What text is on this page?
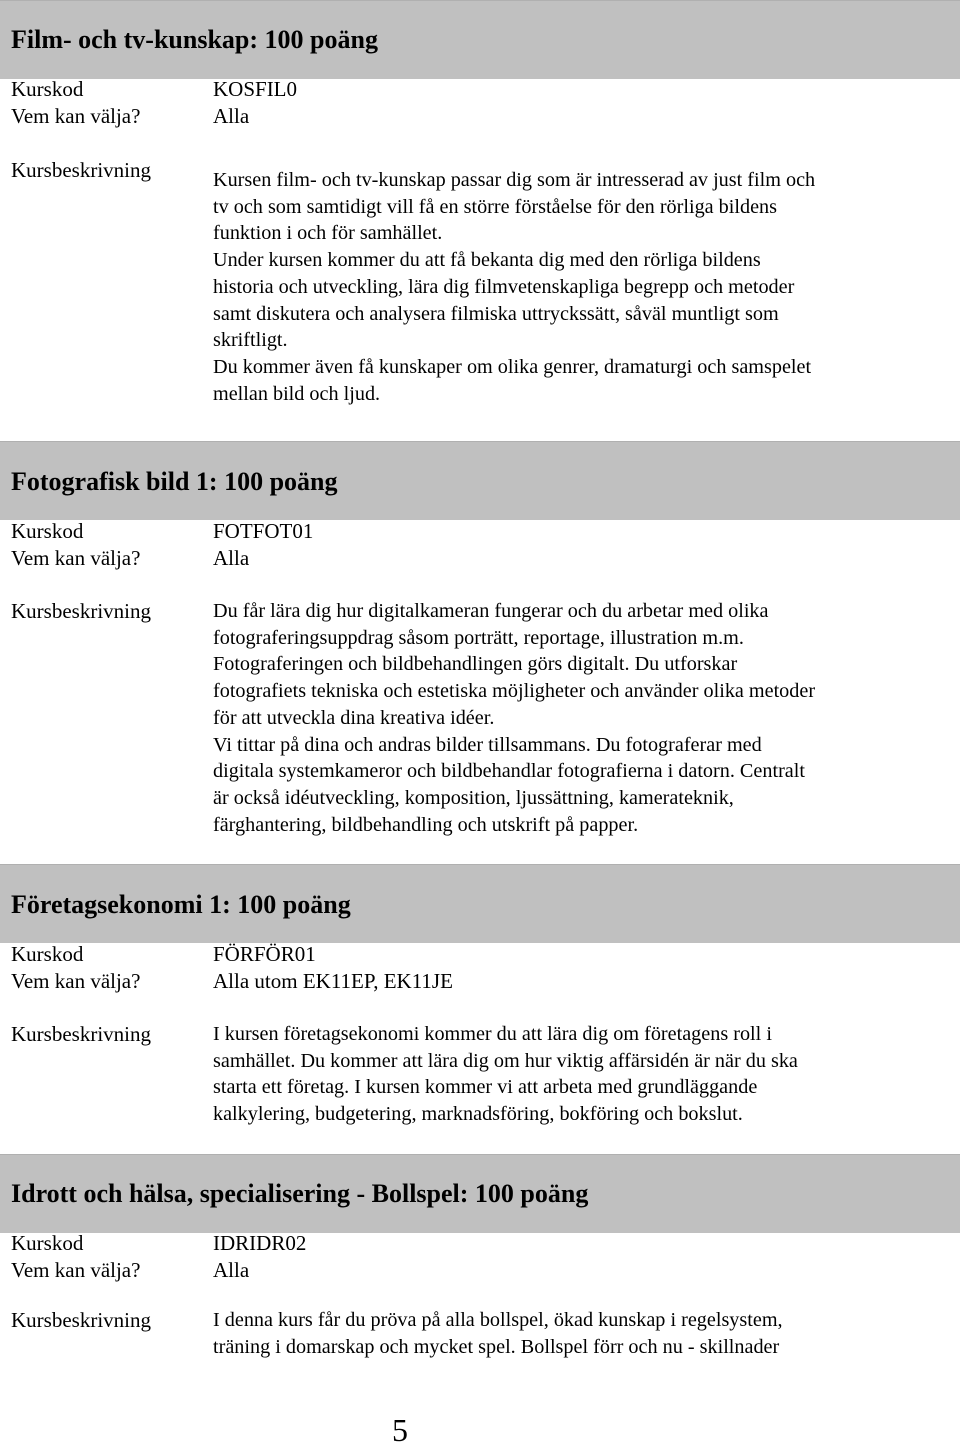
Film- och tv-kunskap: 100 poäng
Kurskod	KOSFIL0
Vem kan välja?	Alla
Kursbeskrivning	Kursen film- och tv-kunskap passar dig som är intresserad av just film och

tv och som samtidigt vill få en större förståelse för den rörliga bildens

funktion i och för samhället.

Under kursen kommer du att få bekanta dig med den rörliga bildens

historia och utveckling, lära dig filmvetenskapliga begrepp och metoder

samt diskutera och analysera filmiska uttryckssätt, såväl muntligt som

skriftligt.

Du kommer även få kunskaper om olika genrer, dramaturgi och samspelet

mellan bild och ljud.

Fotografisk bild 1: 100 poäng
Kurskod	FOTFOT01
Vem kan välja?	Alla
Kursbeskrivning	Du får lära dig hur digitalkameran fungerar och du arbetar med olika

fotograferingsuppdrag såsom porträtt, reportage, illustration m.m.

Fotograferingen och bildbehandlingen görs digitalt. Du utforskar

fotografiets tekniska och estetiska möjligheter och använder olika metoder

för att utveckla dina kreativa idéer.

Vi tittar på dina och andras bilder tillsammans. Du fotograferar med

digitala systemkameror och bildbehandlar fotografierna i datorn. Centralt

är också idéutveckling, komposition, ljussättning, kamerateknik,

färghantering, bildbehandling och utskrift på papper.

Företagsekonomi 1: 100 poäng
Kurskod	FÖRFÖR01
Vem kan välja?	Alla utom EK11EP, EK11JE
Kursbeskrivning	I kursen företagsekonomi kommer du att lära dig om företagens roll i

samhället. Du kommer att lära dig om hur viktig affärsidén är när du ska

starta ett företag. I kursen kommer vi att arbeta med grundläggande

kalkylering, budgetering, marknadsföring, bokföring och bokslut.

Idrott och hälsa, specialisering - Bollspel: 100 poäng
Kurskod	IDRIDR02
Vem kan välja?	Alla
Kursbeskrivning	I denna kurs får du pröva på alla bollspel, ökad kunskap i regelsystem,

träning i domarskap och mycket spel. Bollspel förr och nu - skillnader

5
